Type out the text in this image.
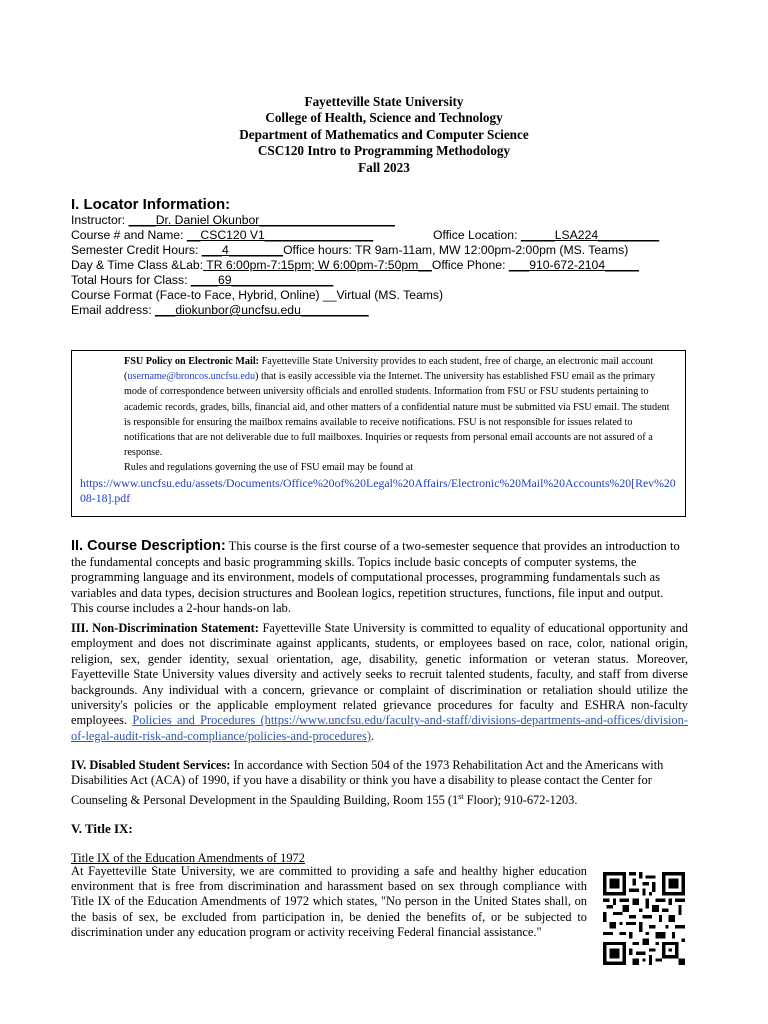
Fayetteville State University
College of Health, Science and Technology
Department of Mathematics and Computer Science
CSC120 Intro to Programming Methodology
Fall 2023
I. Locator Information:
Instructor: ____Dr. Daniel Okunbor____________________
Course # and Name: __CSC120 V1________________	Office Location: _____LSA224_________
Semester Credit Hours: ___4________Office hours: TR 9am-11am, MW 12:00pm-2:00pm (MS. Teams)
Day & Time Class &Lab: TR 6:00pm-7:15pm; W 6:00pm-7:50pm__Office Phone: ___910-672-2104_____
Total Hours for Class: ____69_______________
Course Format (Face-to Face, Hybrid, Online) __Virtual (MS. Teams)
Email address: ___diokunbor@uncfsu.edu__________
FSU Policy on Electronic Mail: Fayetteville State University provides to each student, free of charge, an electronic mail account (username@broncos.uncfsu.edu) that is easily accessible via the Internet. The university has established FSU email as the primary mode of correspondence between university officials and enrolled students. Information from FSU or FSU students pertaining to academic records, grades, bills, financial aid, and other matters of a confidential nature must be submitted via FSU email. The student is responsible for ensuring the mailbox remains available to receive notifications. FSU is not responsible for issues related to notifications that are not deliverable due to full mailboxes. Inquiries or requests from personal email accounts are not assured of a response.
Rules and regulations governing the use of FSU email may be found at
https://www.uncfsu.edu/assets/Documents/Office%20of%20Legal%20Affairs/Electronic%20Mail%20Accounts%20[Rev%2008-18].pdf
II. Course Description: This course is the first course of a two-semester sequence that provides an introduction to the fundamental concepts and basic programming skills. Topics include basic concepts of computer systems, the programming language and its environment, models of computational processes, programming fundamentals such as variables and data types, decision structures and Boolean logics, repetition structures, functions, file input and output. This course includes a 2-hour hands-on lab.
III. Non-Discrimination Statement: Fayetteville State University is committed to equality of educational opportunity and employment and does not discriminate against applicants, students, or employees based on race, color, national origin, religion, sex, gender identity, sexual orientation, age, disability, genetic information or veteran status. Moreover, Fayetteville State University values diversity and actively seeks to recruit talented students, faculty, and staff from diverse backgrounds. Any individual with a concern, grievance or complaint of discrimination or retaliation should utilize the university's policies or the applicable employment related grievance procedures for faculty and ESHRA non-faculty employees. Policies and Procedures (https://www.uncfsu.edu/faculty-and-staff/divisions-departments-and-offices/division-of-legal-audit-risk-and-compliance/policies-and-procedures).
IV. Disabled Student Services: In accordance with Section 504 of the 1973 Rehabilitation Act and the Americans with Disabilities Act (ACA) of 1990, if you have a disability or think you have a disability to please contact the Center for Counseling & Personal Development in the Spaulding Building, Room 155 (1st Floor); 910-672-1203.
V. Title IX:
Title IX of the Education Amendments of 1972
At Fayetteville State University, we are committed to providing a safe and healthy higher education environment that is free from discrimination and harassment based on sex through compliance with Title IX of the Education Amendments of 1972 which states, "No person in the United States shall, on the basis of sex, be excluded from participation in, be denied the benefits of, or be subjected to discrimination under any education program or activity receiving Federal financial assistance."
